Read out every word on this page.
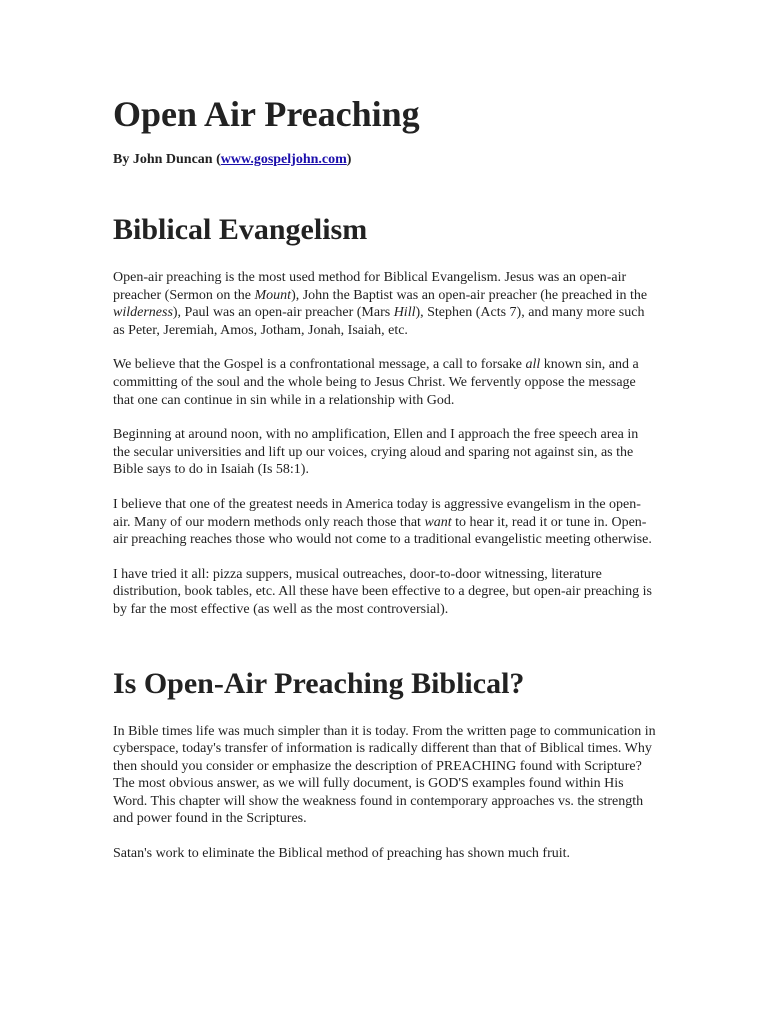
Open Air Preaching

By John Duncan (www.gospeljohn.com)

Biblical Evangelism

Open-air preaching is the most used method for Biblical Evangelism. Jesus was an open-air preacher (Sermon on the Mount), John the Baptist was an open-air preacher (he preached in the wilderness), Paul was an open-air preacher (Mars Hill), Stephen (Acts 7), and many more such as Peter, Jeremiah, Amos, Jotham, Jonah, Isaiah, etc.

We believe that the Gospel is a confrontational message, a call to forsake all known sin, and a committing of the soul and the whole being to Jesus Christ. We fervently oppose the message that one can continue in sin while in a relationship with God.

Beginning at around noon, with no amplification, Ellen and I approach the free speech area in the secular universities and lift up our voices, crying aloud and sparing not against sin, as the Bible says to do in Isaiah (Is 58:1).

I believe that one of the greatest needs in America today is aggressive evangelism in the open-air. Many of our modern methods only reach those that want to hear it, read it or tune in. Open-air preaching reaches those who would not come to a traditional evangelistic meeting otherwise.

I have tried it all: pizza suppers, musical outreaches, door-to-door witnessing, literature distribution, book tables, etc. All these have been effective to a degree, but open-air preaching is by far the most effective (as well as the most controversial).

Is Open-Air Preaching Biblical?

In Bible times life was much simpler than it is today. From the written page to communication in cyberspace, today's transfer of information is radically different than that of Biblical times. Why then should you consider or emphasize the description of PREACHING found with Scripture? The most obvious answer, as we will fully document, is GOD'S examples found within His Word. This chapter will show the weakness found in contemporary approaches vs. the strength and power found in the Scriptures.

Satan's work to eliminate the Biblical method of preaching has shown much fruit.
